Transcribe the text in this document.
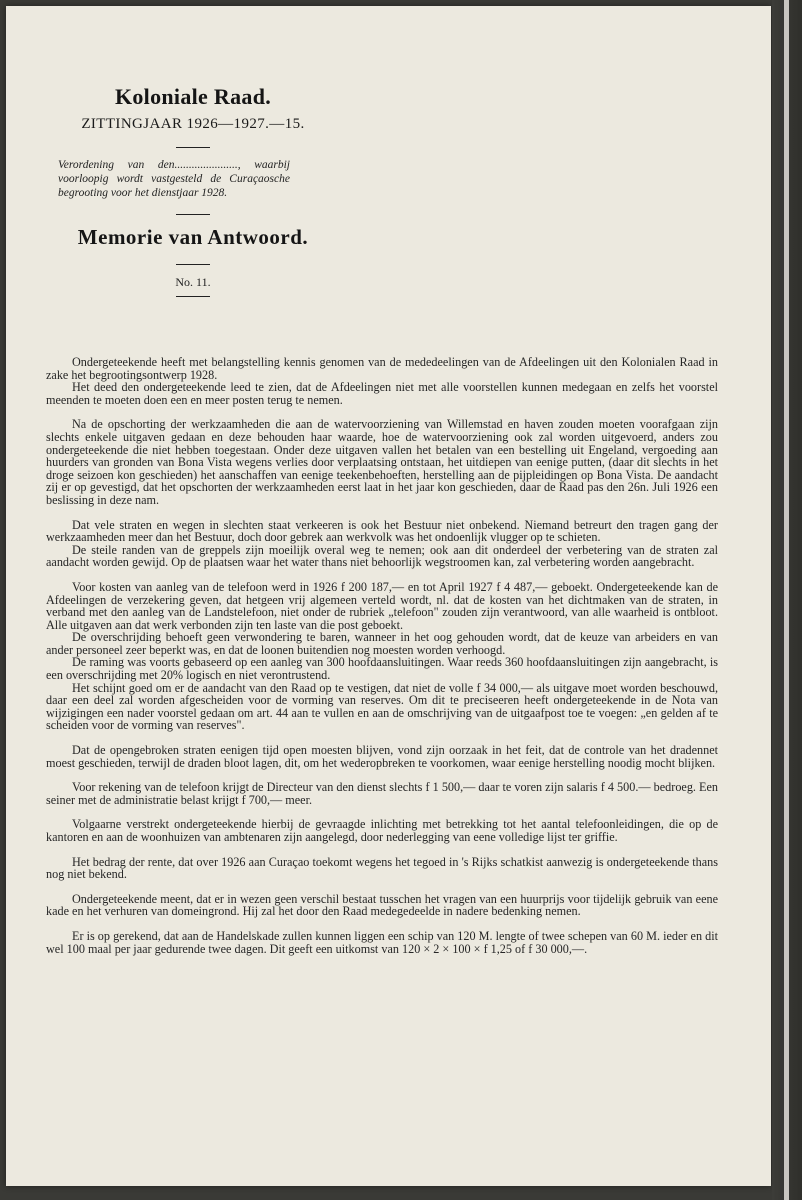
Koloniale Raad.
ZITTINGJAAR 1926—1927.—15.
Verordening van den......................, waarbij voorloopig wordt vastgesteld de Curaçaosche begrooting voor het dienstjaar 1928.
Memorie van Antwoord.
No. 11.

Ondergeteekende heeft met belangstelling kennis genomen van de mededeelingen van de Afdeelingen uit den Kolonialen Raad in zake het begrootingsontwerp 1928.

Het deed den ondergeteekende leed te zien, dat de Afdeelingen niet met alle voorstellen kunnen medegaan en zelfs het voorstel meenden te moeten doen een en meer posten terug te nemen.

Na de opschorting der werkzaamheden die aan de watervoorziening van Willemstad en haven zouden moeten voorafgaan zijn slechts enkele uitgaven gedaan en deze behouden haar waarde, hoe de watervoorziening ook zal worden uitgevoerd, anders zou ondergeteekende die niet hebben toegestaan. Onder deze uitgaven vallen het betalen van een bestelling uit Engeland, vergoeding aan huurders van gronden van Bona Vista wegens verlies door verplaatsing ontstaan, het uitdiepen van eenige putten, (daar dit slechts in het droge seizoen kon geschieden) het aanschaffen van eenige teekenbehoeften, herstelling aan de pijpleidingen op Bona Vista. De aandacht zij er op gevestigd, dat het opschorten der werkzaamheden eerst laat in het jaar kon geschieden, daar de Raad pas den 26n. Juli 1926 een beslissing in deze nam.

Dat vele straten en wegen in slechten staat verkeeren is ook het Bestuur niet onbekend. Niemand betreurt den tragen gang der werkzaamheden meer dan het Bestuur, doch door gebrek aan werkvolk was het ondoenlijk vlugger op te schieten.

De steile randen van de greppels zijn moeilijk overal weg te nemen; ook aan dit onderdeel der verbetering van de straten zal aandacht worden gewijd. Op de plaatsen waar het water thans niet behoorlijk wegstroomen kan, zal verbetering worden aangebracht.

Voor kosten van aanleg van de telefoon werd in 1926 f 200 187,— en tot April 1927 f 4 487,— geboekt. Ondergeteekende kan de Afdeelingen de verzekering geven, dat hetgeen vrij algemeen verteld wordt, nl. dat de kosten van het dichtmaken van de straten, in verband met den aanleg van de Landstelefoon, niet onder de rubriek „telefoon" zouden zijn verantwoord, van alle waarheid is ontbloot. Alle uitgaven aan dat werk verbonden zijn ten laste van die post geboekt.

De overschrijding behoeft geen verwondering te baren, wanneer in het oog gehouden wordt, dat de keuze van arbeiders en van ander personeel zeer beperkt was, en dat de loonen buitendien nog moesten worden verhoogd.

De raming was voorts gebaseerd op een aanleg van 300 hoofdaansluitingen. Waar reeds 360 hoofdaansluitingen zijn aangebracht, is een overschrijding met 20% logisch en niet verontrustend.

Het schijnt goed om er de aandacht van den Raad op te vestigen, dat niet de volle f 34 000,— als uitgave moet worden beschouwd, daar een deel zal worden afgescheiden voor de vorming van reserves. Om dit te preciseeren heeft ondergeteekende in de Nota van wijzigingen een nader voorstel gedaan om art. 44 aan te vullen en aan de omschrijving van de uitgaafpost toe te voegen: „en gelden af te scheiden voor de vorming van reserves".

Dat de opengebroken straten eenigen tijd open moesten blijven, vond zijn oorzaak in het feit, dat de controle van het dradennet moest geschieden, terwijl de draden bloot lagen, dit, om het wederopbreken te voorkomen, waar eenige herstelling noodig mocht blijken.

Voor rekening van de telefoon krijgt de Directeur van den dienst slechts f 1 500,— daar te voren zijn salaris f 4 500.— bedroeg. Een seiner met de administratie belast krijgt f 700,— meer.

Volgaarne verstrekt ondergeteekende hierbij de gevraagde inlichting met betrekking tot het aantal telefoonleidingen, die op de kantoren en aan de woonhuizen van ambtenaren zijn aangelegd, door nederlegging van eene volledige lijst ter griffie.

Het bedrag der rente, dat over 1926 aan Curaçao toekomt wegens het tegoed in 's Rijks schatkist aanwezig is ondergeteekende thans nog niet bekend.

Ondergeteekende meent, dat er in wezen geen verschil bestaat tusschen het vragen van een huurprijs voor tijdelijk gebruik van eene kade en het verhuren van domeingrond. Hij zal het door den Raad medegedeelde in nadere bedenking nemen.

Er is op gerekend, dat aan de Handelskade zullen kunnen liggen een schip van 120 M. lengte of twee schepen van 60 M. ieder en dit wel 100 maal per jaar gedurende twee dagen. Dit geeft een uitkomst van 120 × 2 × 100 × f 1,25 of f 30 000,—.
